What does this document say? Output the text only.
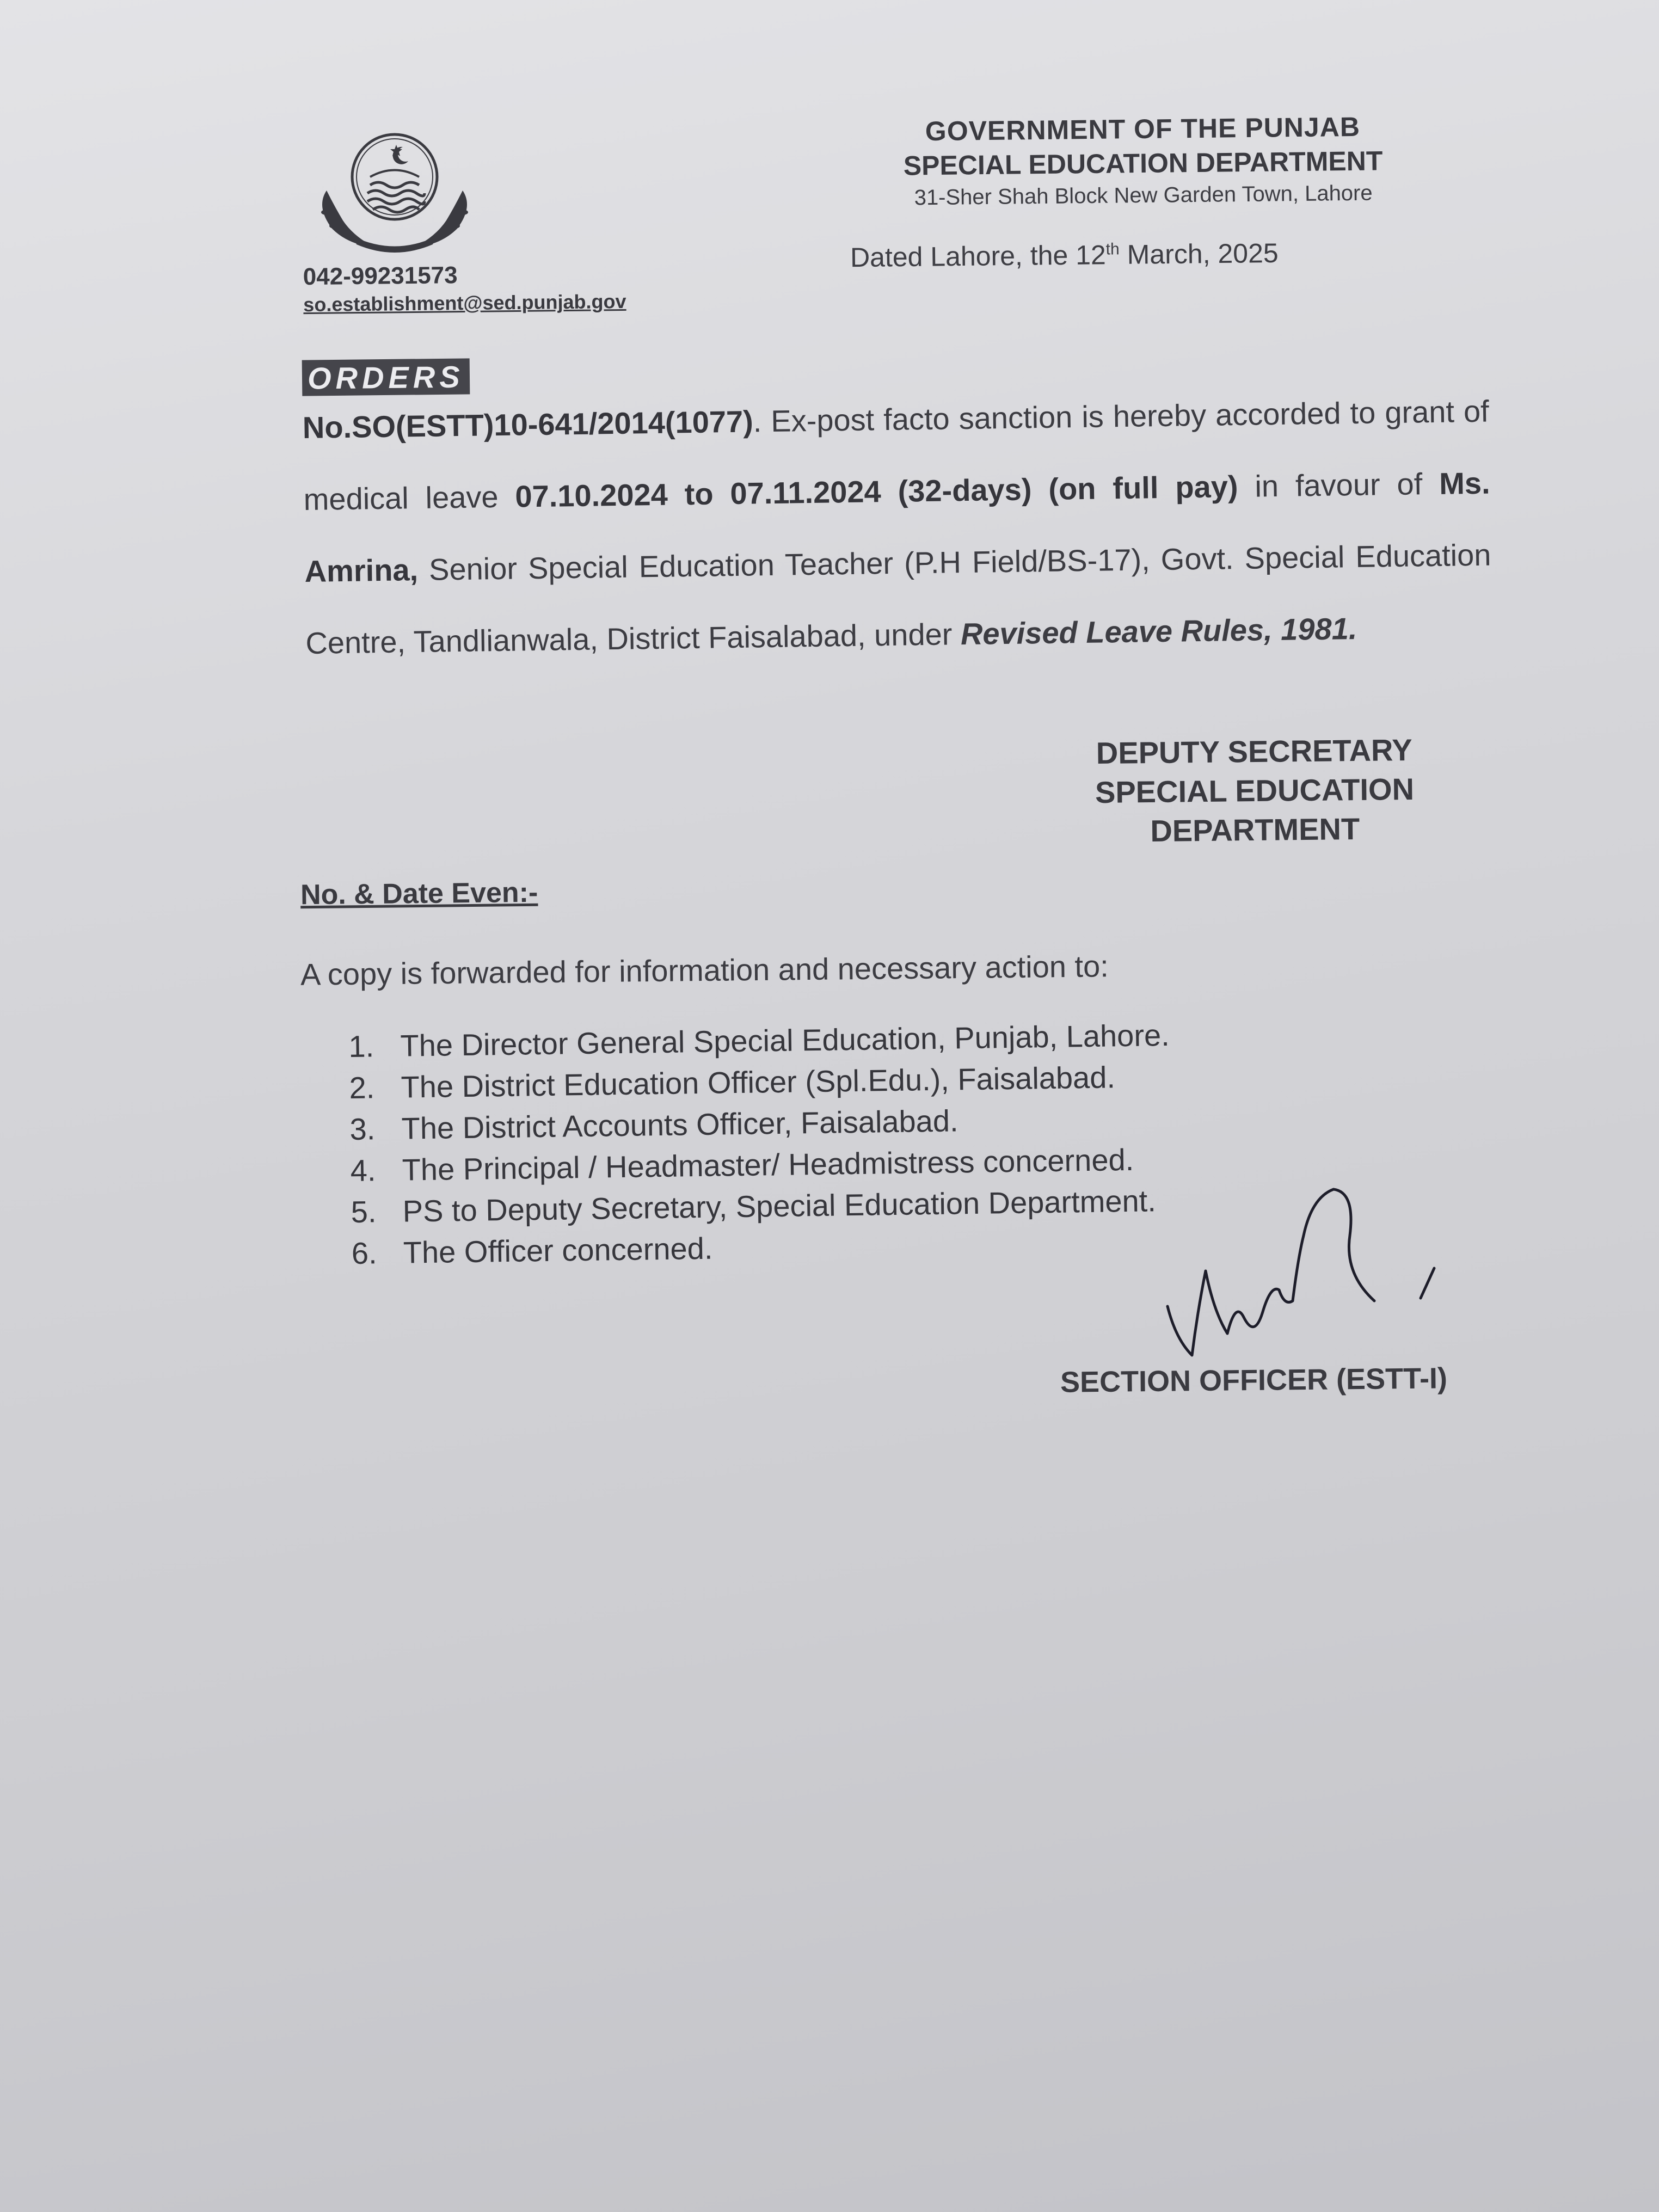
GOVERNMENT OF THE PUNJAB
SPECIAL EDUCATION DEPARTMENT
31-Sher Shah Block New Garden Town, Lahore
042-99231573
so.establishment@sed.punjab.gov
Dated Lahore, the 12th March, 2025
ORDERS
No.SO(ESTT)10-641/2014(1077). Ex-post facto sanction is hereby accorded to grant of medical leave 07.10.2024 to 07.11.2024 (32-days) (on full pay) in favour of Ms. Amrina, Senior Special Education Teacher (P.H Field/BS-17), Govt. Special Education Centre, Tandlianwala, District Faisalabad, under Revised Leave Rules, 1981.
DEPUTY SECRETARY
SPECIAL EDUCATION
DEPARTMENT
No. & Date Even:-
A copy is forwarded for information and necessary action to:
1. The Director General Special Education, Punjab, Lahore.
2. The District Education Officer (Spl.Edu.), Faisalabad.
3. The District Accounts Officer, Faisalabad.
4. The Principal / Headmaster/ Headmistress concerned.
5. PS to Deputy Secretary, Special Education Department.
6. The Officer concerned.
SECTION OFFICER (ESTT-I)
